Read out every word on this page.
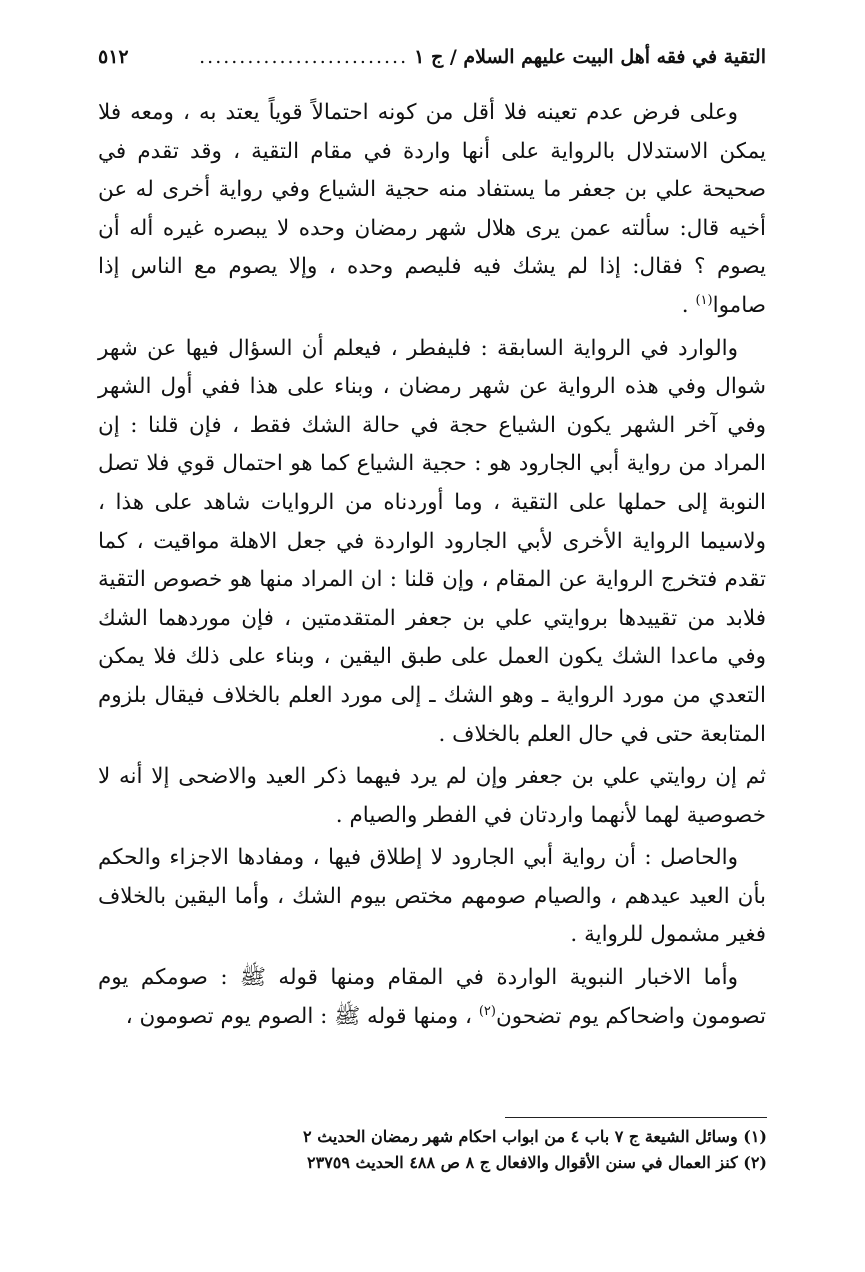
التقية في فقه أهل البيت عليهم السلام / ج ١
..........................
٥١٢

وعلى فرض عدم تعينه فلا أقل من كونه احتمالاً قوياً يعتد به ، ومعه فلا يمكن الاستدلال بالرواية على أنها واردة في مقام التقية ، وقد تقدم في صحيحة علي بن جعفر ما يستفاد منه حجية الشياع وفي رواية أخرى له عن أخيه قال: سألته عمن يرى هلال شهر رمضان وحده لا يبصره غيره أله أن يصوم ؟ فقال: إذا لم يشك فيه فليصم وحده ، وإلا يصوم مع الناس إذا صاموا$^{(١)}$ .

والوارد في الرواية السابقة : فليفطر ، فيعلم أن السؤال فيها عن شهر شوال وفي هذه الرواية عن شهر رمضان ، وبناء على هذا ففي أول الشهر وفي آخر الشهر يكون الشياع حجة في حالة الشك فقط ، فإن قلنا : إن المراد من رواية أبي الجارود هو : حجية الشياع كما هو احتمال قوي فلا تصل النوبة إلى حملها على التقية ، وما أوردناه من الروايات شاهد على هذا ، ولاسيما الرواية الأخرى لأبي الجارود الواردة في جعل الاهلة مواقيت ، كما تقدم فتخرج الرواية عن المقام ، وإن قلنا : ان المراد منها هو خصوص التقية فلابد من تقييدها بروايتي علي بن جعفر المتقدمتين ، فإن موردهما الشك وفي ماعدا الشك يكون العمل على طبق اليقين ، وبناء على ذلك فلا يمكن التعدي من مورد الرواية ـ وهو الشك ـ إلى مورد العلم بالخلاف فيقال بلزوم المتابعة حتى في حال العلم بالخلاف .

ثم إن روايتي علي بن جعفر وإن لم يرد فيهما ذكر العيد والاضحى إلا أنه لا خصوصية لهما لأنهما واردتان في الفطر والصيام .

والحاصل : أن رواية أبي الجارود لا إطلاق فيها ، ومفادها الاجزاء والحكم بأن العيد عيدهم ، والصيام صومهم مختص بيوم الشك ، وأما اليقين بالخلاف فغير مشمول للرواية .

وأما الاخبار النبوية الواردة في المقام ومنها قوله ﷺ : صومكم يوم تصومون واضحاكم يوم تضحون$^{(٢)}$ ، ومنها قوله ﷺ : الصوم يوم تصومون ،

(١) وسائل الشيعة ج ٧ باب ٤ من ابواب احكام شهر رمضان الحديث ٢
(٢) كنز العمال في سنن الأقوال والافعال ج ٨ ص ٤٨٨ الحديث ٢٣٧٥٩
